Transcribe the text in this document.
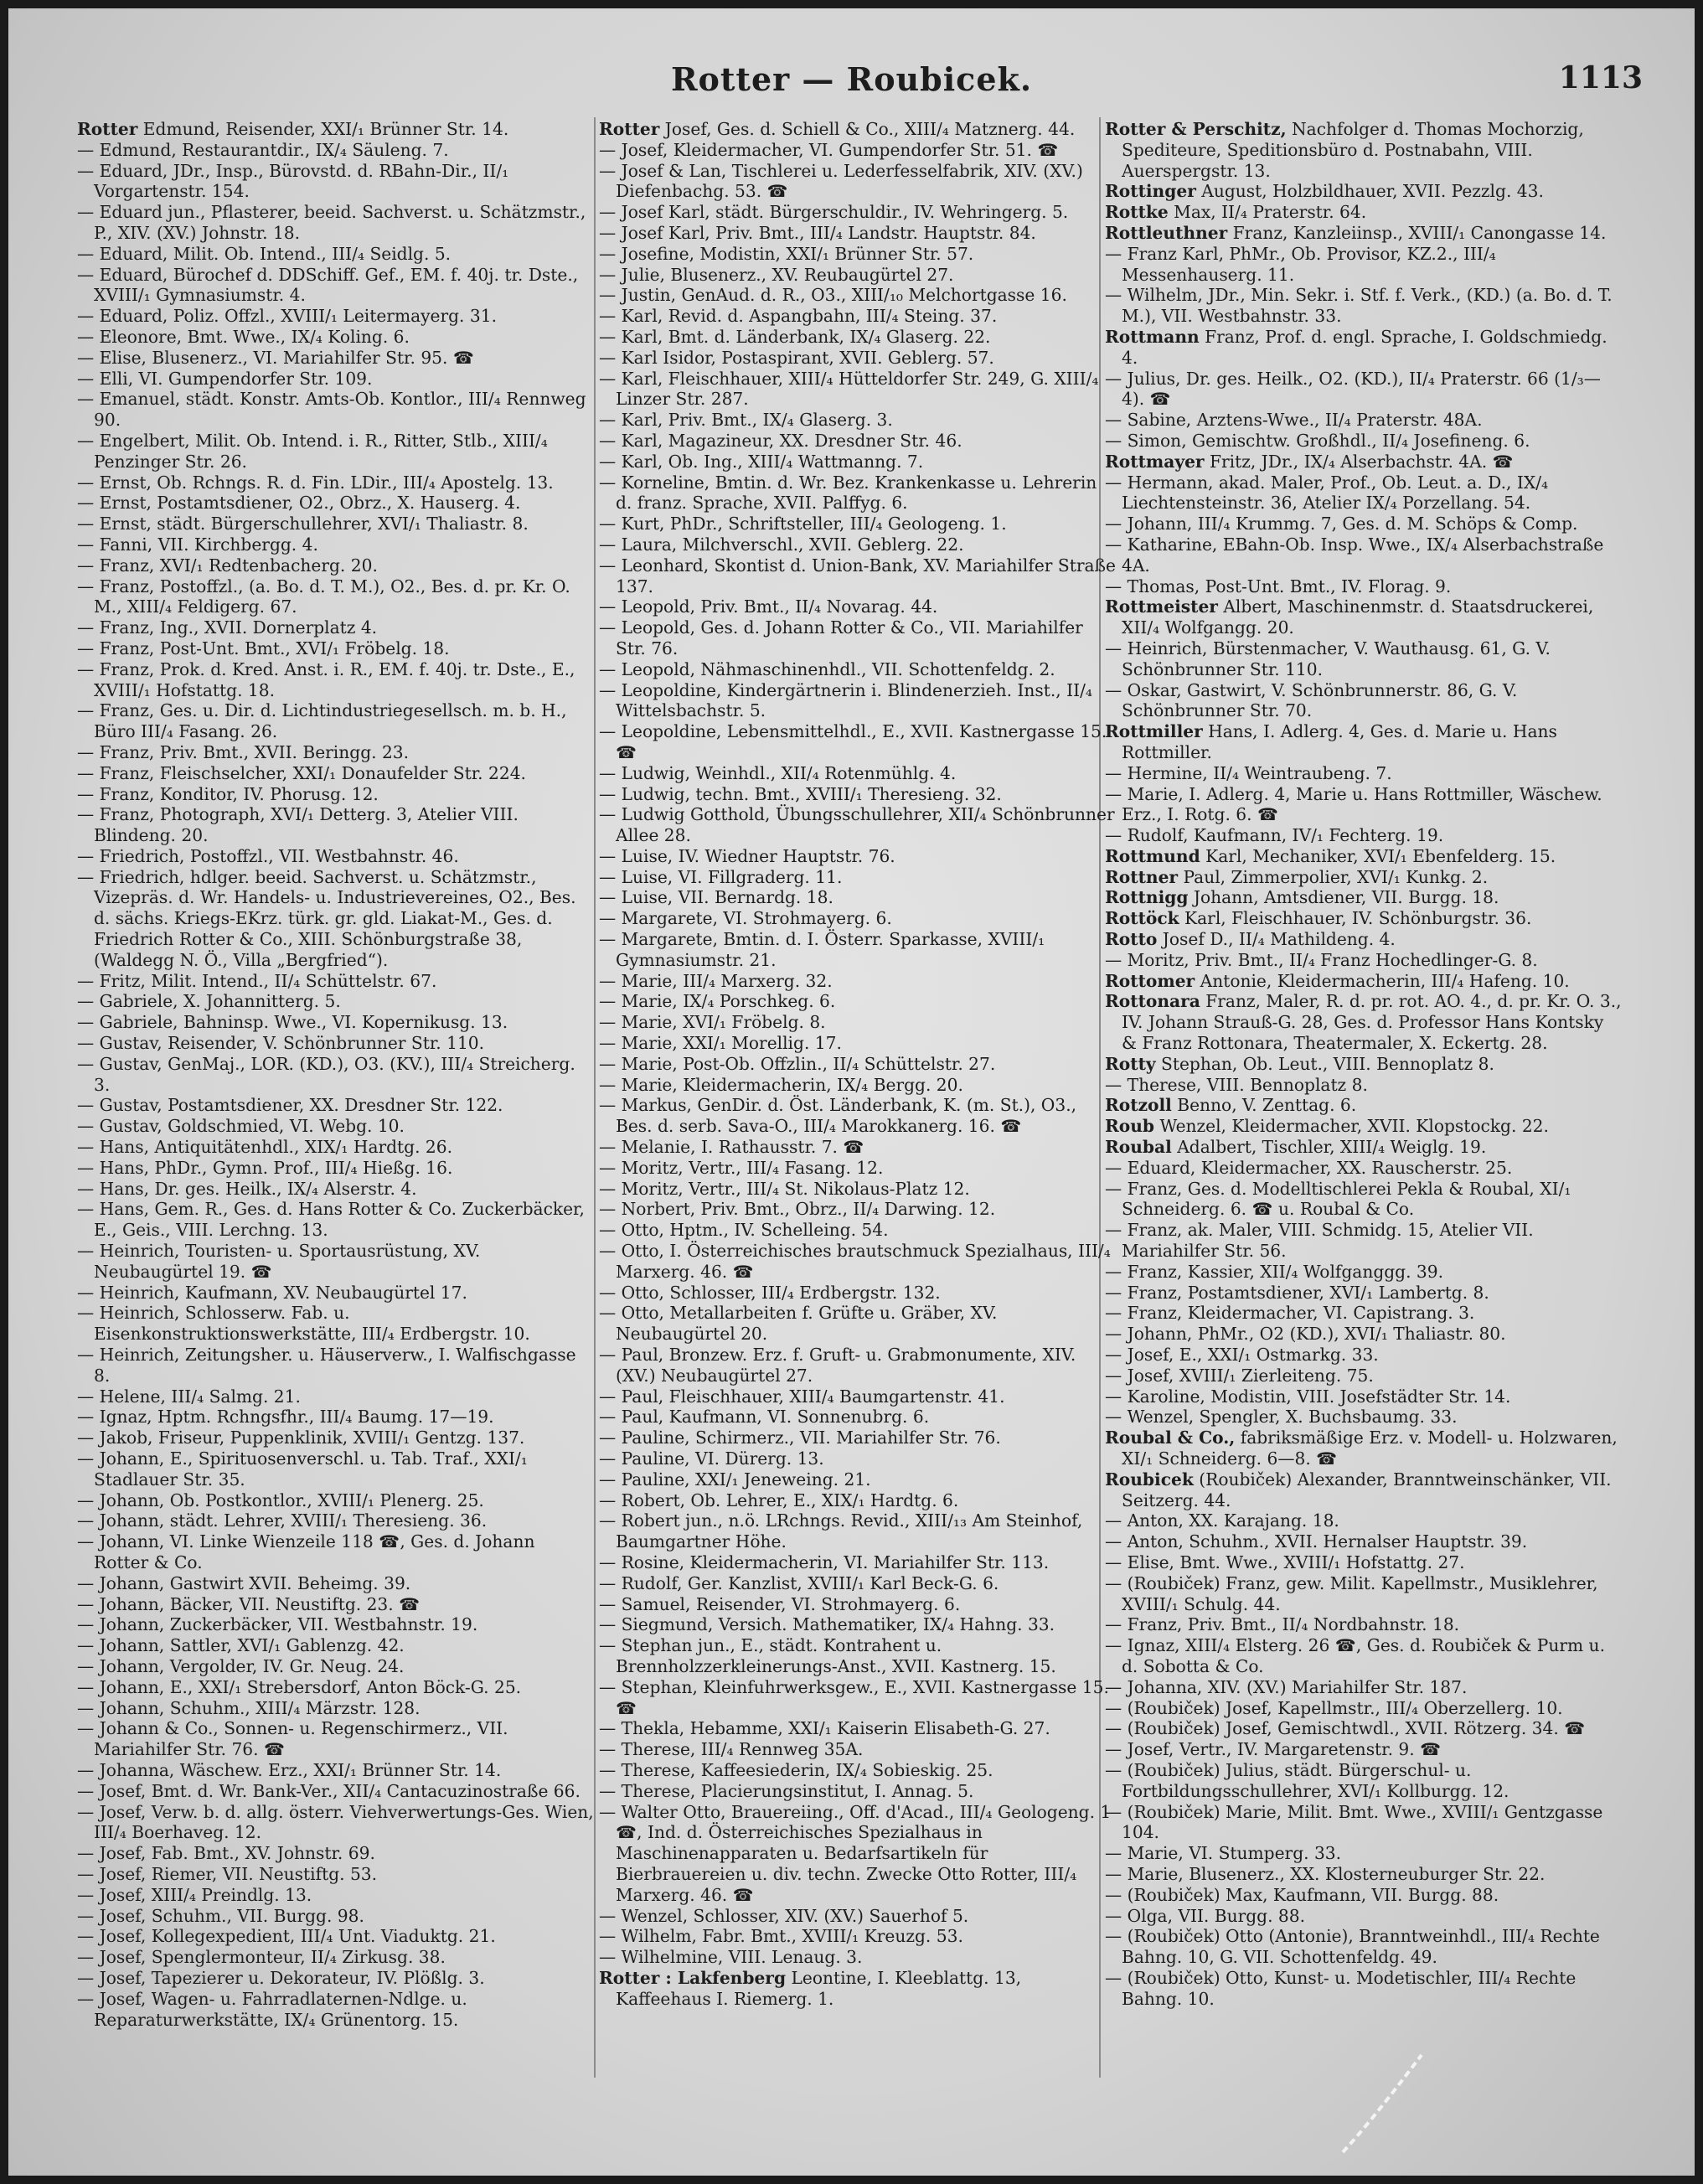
Rotter — Roubicek.	1113

Rotter Edmund, Reisender, XXI/₁ Brünner Str. 14.

— Edmund, Restaurantdir., IX/₄ Säuleng. 7.

— Eduard, JDr., Insp., Bürovstd. d. RBahn-Dir., II/₁ Vorgartenstr. 154.

— Eduard jun., Pflasterer, beeid. Sachverst. u. Schätzmstr., P., XIV. (XV.) Johnstr. 18.

— Eduard, Milit. Ob. Intend., III/₄ Seidlg. 5.

— Eduard, Bürochef d. DDSchiff. Gef., EM. f. 40j. tr. Dste., XVIII/₁ Gymnasiumstr. 4.

— Eduard, Poliz. Offzl., XVIII/₁ Leitermayerg. 31.

— Eleonore, Bmt. Wwe., IX/₄ Koling. 6.

— Elise, Blusenerz., VI. Mariahilfer Str. 95. ☎

— Elli, VI. Gumpendorfer Str. 109.

— Emanuel, städt. Konstr. Amts-Ob. Kontlor., III/₄ Rennweg 90.

— Engelbert, Milit. Ob. Intend. i. R., Ritter, Stlb., XIII/₄ Penzinger Str. 26.

— Ernst, Ob. Rchngs. R. d. Fin. LDir., III/₄ Apostelg. 13.

— Ernst, Postamtsdiener, O2., Obrz., X. Hauserg. 4.

— Ernst, städt. Bürgerschullehrer, XVI/₁ Thaliastr. 8.

— Fanni, VII. Kirchbergg. 4.

— Franz, XVI/₁ Redtenbacherg. 20.

— Franz, Postoffzl., (a. Bo. d. T. M.), O2., Bes. d. pr. Kr. O. M., XIII/₄ Feldigerg. 67.

— Franz, Ing., XVII. Dornerplatz 4.

— Franz, Post-Unt. Bmt., XVI/₁ Fröbelg. 18.

— Franz, Prok. d. Kred. Anst. i. R., EM. f. 40j. tr. Dste., E., XVIII/₁ Hofstattg. 18.

— Franz, Ges. u. Dir. d. Lichtindustriegesellsch. m. b. H., Büro III/₄ Fasang. 26.

— Franz, Priv. Bmt., XVII. Beringg. 23.

— Franz, Fleischselcher, XXI/₁ Donaufelder Str. 224.

— Franz, Konditor, IV. Phorusg. 12.

— Franz, Photograph, XVI/₁ Detterg. 3, Atelier VIII. Blindeng. 20.

— Friedrich, Postoffzl., VII. Westbahnstr. 46.

— Friedrich, hdlger. beeid. Sachverst. u. Schätzmstr., Vizepräs. d. Wr. Handels- u. Industrievereines, O2., Bes. d. sächs. Kriegs-EKrz. türk. gr. gld. Liakat-M., Ges. d. Friedrich Rotter & Co., XIII. Schönburgstraße 38, (Waldegg N. Ö., Villa „Bergfried“).

— Fritz, Milit. Intend., II/₄ Schüttelstr. 67.

— Gabriele, X. Johannitterg. 5.

— Gabriele, Bahninsp. Wwe., VI. Kopernikusg. 13.

— Gustav, Reisender, V. Schönbrunner Str. 110.

— Gustav, GenMaj., LOR. (KD.), O3. (KV.), III/₄ Streicherg. 3.

— Gustav, Postamtsdiener, XX. Dresdner Str. 122.

— Gustav, Goldschmied, VI. Webg. 10.

— Hans, Antiquitätenhdl., XIX/₁ Hardtg. 26.

— Hans, PhDr., Gymn. Prof., III/₄ Hießg. 16.

— Hans, Dr. ges. Heilk., IX/₄ Alserstr. 4.

— Hans, Gem. R., Ges. d. Hans Rotter & Co. Zuckerbäcker, E., Geis., VIII. Lerchng. 13.

— Heinrich, Touristen- u. Sportausrüstung, XV. Neubaugürtel 19. ☎

— Heinrich, Kaufmann, XV. Neubaugürtel 17.

— Heinrich, Schlosserw. Fab. u. Eisenkonstruktionswerkstätte, III/₄ Erdbergstr. 10.

— Heinrich, Zeitungsher. u. Häuserverw., I. Walfischgasse 8.

— Helene, III/₄ Salmg. 21.

— Ignaz, Hptm. Rchngsfhr., III/₄ Baumg. 17—19.

— Jakob, Friseur, Puppenklinik, XVIII/₁ Gentzg. 137.

— Johann, E., Spirituosenverschl. u. Tab. Traf., XXI/₁ Stadlauer Str. 35.

— Johann, Ob. Postkontlor., XVIII/₁ Plenerg. 25.

— Johann, städt. Lehrer, XVIII/₁ Theresieng. 36.

— Johann, VI. Linke Wienzeile 118 ☎, Ges. d. Johann Rotter & Co.

— Johann, Gastwirt XVII. Beheimg. 39.

— Johann, Bäcker, VII. Neustiftg. 23. ☎

— Johann, Zuckerbäcker, VII. Westbahnstr. 19.

— Johann, Sattler, XVI/₁ Gablenzg. 42.

— Johann, Vergolder, IV. Gr. Neug. 24.

— Johann, E., XXI/₁ Strebersdorf, Anton Böck-G. 25.

— Johann, Schuhm., XIII/₄ Märzstr. 128.

— Johann & Co., Sonnen- u. Regenschirmerz., VII. Mariahilfer Str. 76. ☎

— Johanna, Wäschew. Erz., XXI/₁ Brünner Str. 14.

— Josef, Bmt. d. Wr. Bank-Ver., XII/₄ Cantacuzinostraße 66.

— Josef, Verw. b. d. allg. österr. Viehverwertungs-Ges. Wien, III/₄ Boerhaveg. 12.

— Josef, Fab. Bmt., XV. Johnstr. 69.

— Josef, Riemer, VII. Neustiftg. 53.

— Josef, XIII/₄ Preindlg. 13.

— Josef, Schuhm., VII. Burgg. 98.

— Josef, Kollegexpedient, III/₄ Unt. Viaduktg. 21.

— Josef, Spenglermonteur, II/₄ Zirkusg. 38.

— Josef, Tapezierer u. Dekorateur, IV. Plößlg. 3.

— Josef, Wagen- u. Fahrradlaternen-Ndlge. u. Reparaturwerkstätte, IX/₄ Grünentorg. 15.

Rotter Josef, Ges. d. Schiell & Co., XIII/₄ Matznerg. 44.

— Josef, Kleidermacher, VI. Gumpendorfer Str. 51. ☎

— Josef & Lan, Tischlerei u. Lederfesselfabrik, XIV. (XV.) Diefenbachg. 53. ☎

— Josef Karl, städt. Bürgerschuldir., IV. Wehringerg. 5.

— Josef Karl, Priv. Bmt., III/₄ Landstr. Hauptstr. 84.

— Josefine, Modistin, XXI/₁ Brünner Str. 57.

— Julie, Blusenerz., XV. Reubaugürtel 27.

— Justin, GenAud. d. R., O3., XIII/₁₀ Melchortgasse 16.

— Karl, Revid. d. Aspangbahn, III/₄ Steing. 37.

— Karl, Bmt. d. Länderbank, IX/₄ Glaserg. 22.

— Karl Isidor, Postaspirant, XVII. Geblerg. 57.

— Karl, Fleischhauer, XIII/₄ Hütteldorfer Str. 249, G. XIII/₄ Linzer Str. 287.

— Karl, Priv. Bmt., IX/₄ Glaserg. 3.

— Karl, Magazineur, XX. Dresdner Str. 46.

— Karl, Ob. Ing., XIII/₄ Wattmanng. 7.

— Korneline, Bmtin. d. Wr. Bez. Krankenkasse u. Lehrerin d. franz. Sprache, XVII. Palffyg. 6.

— Kurt, PhDr., Schriftsteller, III/₄ Geologeng. 1.

— Laura, Milchverschl., XVII. Geblerg. 22.

— Leonhard, Skontist d. Union-Bank, XV. Mariahilfer Straße 137.

— Leopold, Priv. Bmt., II/₄ Novarag. 44.

— Leopold, Ges. d. Johann Rotter & Co., VII. Mariahilfer Str. 76.

— Leopold, Nähmaschinenhdl., VII. Schottenfeldg. 2.

— Leopoldine, Kindergärtnerin i. Blindenerzieh. Inst., II/₄ Wittelsbachstr. 5.

— Leopoldine, Lebensmittelhdl., E., XVII. Kastnergasse 15. ☎

— Ludwig, Weinhdl., XII/₄ Rotenmühlg. 4.

— Ludwig, techn. Bmt., XVIII/₁ Theresieng. 32.

— Ludwig Gotthold, Übungsschullehrer, XII/₄ Schönbrunner Allee 28.

— Luise, IV. Wiedner Hauptstr. 76.

— Luise, VI. Fillgraderg. 11.

— Luise, VII. Bernardg. 18.

— Margarete, VI. Strohmayerg. 6.

— Margarete, Bmtin. d. I. Österr. Sparkasse, XVIII/₁ Gymnasiumstr. 21.

— Marie, III/₄ Marxerg. 32.

— Marie, IX/₄ Porschkeg. 6.

— Marie, XVI/₁ Fröbelg. 8.

— Marie, XXI/₁ Morellig. 17.

— Marie, Post-Ob. Offzlin., II/₄ Schüttelstr. 27.

— Marie, Kleidermacherin, IX/₄ Bergg. 20.

— Markus, GenDir. d. Öst. Länderbank, K. (m. St.), O3., Bes. d. serb. Sava-O., III/₄ Marokkanerg. 16. ☎

— Melanie, I. Rathausstr. 7. ☎

— Moritz, Vertr., III/₄ Fasang. 12.

— Moritz, Vertr., III/₄ St. Nikolaus-Platz 12.

— Norbert, Priv. Bmt., Obrz., II/₄ Darwing. 12.

— Otto, Hptm., IV. Schelleing. 54.

— Otto, I. Österreichisches brautschmuck Spezialhaus, III/₄ Marxerg. 46. ☎

— Otto, Schlosser, III/₄ Erdbergstr. 132.

— Otto, Metallarbeiten f. Grüfte u. Gräber, XV. Neubaugürtel 20.

— Paul, Bronzew. Erz. f. Gruft- u. Grabmonumente, XIV. (XV.) Neubaugürtel 27.

— Paul, Fleischhauer, XIII/₄ Baumgartenstr. 41.

— Paul, Kaufmann, VI. Sonnenubrg. 6.

— Pauline, Schirmerz., VII. Mariahilfer Str. 76.

— Pauline, VI. Dürerg. 13.

— Pauline, XXI/₁ Jeneweing. 21.

— Robert, Ob. Lehrer, E., XIX/₁ Hardtg. 6.

— Robert jun., n.ö. LRchngs. Revid., XIII/₁₃ Am Steinhof, Baumgartner Höhe.

— Rosine, Kleidermacherin, VI. Mariahilfer Str. 113.

— Rudolf, Ger. Kanzlist, XVIII/₁ Karl Beck-G. 6.

— Samuel, Reisender, VI. Strohmayerg. 6.

— Siegmund, Versich. Mathematiker, IX/₄ Hahng. 33.

— Stephan jun., E., städt. Kontrahent u. Brennholzzerkleinerungs-Anst., XVII. Kastnerg. 15.

— Stephan, Kleinfuhrwerksgew., E., XVII. Kastnergasse 15. ☎

— Thekla, Hebamme, XXI/₁ Kaiserin Elisabeth-G. 27.

— Therese, III/₄ Rennweg 35A.

— Therese, Kaffeesiederin, IX/₄ Sobieskig. 25.

— Therese, Placierungsinstitut, I. Annag. 5.

— Walter Otto, Brauereiing., Off. d'Acad., III/₄ Geologeng. 1 ☎, Ind. d. Österreichisches Spezialhaus in Maschinenapparaten u. Bedarfsartikeln für Bierbrauereien u. div. techn. Zwecke Otto Rotter, III/₄ Marxerg. 46. ☎

— Wenzel, Schlosser, XIV. (XV.) Sauerhof 5.

— Wilhelm, Fabr. Bmt., XVIII/₁ Kreuzg. 53.

— Wilhelmine, VIII. Lenaug. 3.

Rotter : Lakfenberg Leontine, I. Kleeblattg. 13, Kaffeehaus I. Riemerg. 1.

Rotter & Perschitz, Nachfolger d. Thomas Mochorzig, Spediteure, Speditionsbüro d. Postnabahn, VIII. Auerspergstr. 13.

Rottinger August, Holzbildhauer, XVII. Pezzlg. 43.

Rottke Max, II/₄ Praterstr. 64.

Rottleuthner Franz, Kanzleiinsp., XVIII/₁ Canongasse 14.

— Franz Karl, PhMr., Ob. Provisor, KZ.2., III/₄ Messenhauserg. 11.

— Wilhelm, JDr., Min. Sekr. i. Stf. f. Verk., (KD.) (a. Bo. d. T. M.), VII. Westbahnstr. 33.

Rottmann Franz, Prof. d. engl. Sprache, I. Goldschmiedg. 4.

— Julius, Dr. ges. Heilk., O2. (KD.), II/₄ Praterstr. 66 (1/₃—4). ☎

— Sabine, Arztens-Wwe., II/₄ Praterstr. 48A.

— Simon, Gemischtw. Großhdl., II/₄ Josefineng. 6.

Rottmayer Fritz, JDr., IX/₄ Alserbachstr. 4A. ☎

— Hermann, akad. Maler, Prof., Ob. Leut. a. D., IX/₄ Liechtensteinstr. 36, Atelier IX/₄ Porzellang. 54.

— Johann, III/₄ Krummg. 7, Ges. d. M. Schöps & Comp.

— Katharine, EBahn-Ob. Insp. Wwe., IX/₄ Alserbachstraße 4A.

— Thomas, Post-Unt. Bmt., IV. Florag. 9.

Rottmeister Albert, Maschinenmstr. d. Staatsdruckerei, XII/₄ Wolfgangg. 20.

— Heinrich, Bürstenmacher, V. Wauthausg. 61, G. V. Schönbrunner Str. 110.

— Oskar, Gastwirt, V. Schönbrunnerstr. 86, G. V. Schönbrunner Str. 70.

Rottmiller Hans, I. Adlerg. 4, Ges. d. Marie u. Hans Rottmiller.

— Hermine, II/₄ Weintraubeng. 7.

— Marie, I. Adlerg. 4, Marie u. Hans Rottmiller, Wäschew. Erz., I. Rotg. 6. ☎

— Rudolf, Kaufmann, IV/₁ Fechterg. 19.

Rottmund Karl, Mechaniker, XVI/₁ Ebenfelderg. 15.

Rottner Paul, Zimmerpolier, XVI/₁ Kunkg. 2.

Rottnigg Johann, Amtsdiener, VII. Burgg. 18.

Rottöck Karl, Fleischhauer, IV. Schönburgstr. 36.

Rotto Josef D., II/₄ Mathildeng. 4.

— Moritz, Priv. Bmt., II/₄ Franz Hochedlinger-G. 8.

Rottomer Antonie, Kleidermacherin, III/₄ Hafeng. 10.

Rottonara Franz, Maler, R. d. pr. rot. AO. 4., d. pr. Kr. O. 3., IV. Johann Strauß-G. 28, Ges. d. Professor Hans Kontsky & Franz Rottonara, Theatermaler, X. Eckertg. 28.

Rotty Stephan, Ob. Leut., VIII. Bennoplatz 8.

— Therese, VIII. Bennoplatz 8.

Rotzoll Benno, V. Zenttag. 6.

Roub Wenzel, Kleidermacher, XVII. Klopstockg. 22.

Roubal Adalbert, Tischler, XIII/₄ Weiglg. 19.

— Eduard, Kleidermacher, XX. Rauscherstr. 25.

— Franz, Ges. d. Modelltischlerei Pekla & Roubal, XI/₁ Schneiderg. 6. ☎ u. Roubal & Co.

— Franz, ak. Maler, VIII. Schmidg. 15, Atelier VII. Mariahilfer Str. 56.

— Franz, Kassier, XII/₄ Wolfganggg. 39.

— Franz, Postamtsdiener, XVI/₁ Lambertg. 8.

— Franz, Kleidermacher, VI. Capistrang. 3.

— Johann, PhMr., O2 (KD.), XVI/₁ Thaliastr. 80.

— Josef, E., XXI/₁ Ostmarkg. 33.

— Josef, XVIII/₁ Zierleiteng. 75.

— Karoline, Modistin, VIII. Josefstädter Str. 14.

— Wenzel, Spengler, X. Buchsbaumg. 33.

Roubal & Co., fabriksmäßige Erz. v. Modell- u. Holzwaren, XI/₁ Schneiderg. 6—8. ☎

Roubicek (Roubiček) Alexander, Branntweinschänker, VII. Seitzerg. 44.

— Anton, XX. Karajang. 18.

— Anton, Schuhm., XVII. Hernalser Hauptstr. 39.

— Elise, Bmt. Wwe., XVIII/₁ Hofstattg. 27.

— (Roubiček) Franz, gew. Milit. Kapellmstr., Musiklehrer, XVIII/₁ Schulg. 44.

— Franz, Priv. Bmt., II/₄ Nordbahnstr. 18.

— Ignaz, XIII/₄ Elsterg. 26 ☎, Ges. d. Roubiček & Purm u. d. Sobotta & Co.

— Johanna, XIV. (XV.) Mariahilfer Str. 187.

— (Roubiček) Josef, Kapellmstr., III/₄ Oberzellerg. 10.

— (Roubiček) Josef, Gemischtwdl., XVII. Rötzerg. 34. ☎

— Josef, Vertr., IV. Margaretenstr. 9. ☎

— (Roubiček) Julius, städt. Bürgerschul- u. Fortbildungsschullehrer, XVI/₁ Kollburgg. 12.

— (Roubiček) Marie, Milit. Bmt. Wwe., XVIII/₁ Gentzgasse 104.

— Marie, VI. Stumperg. 33.

— Marie, Blusenerz., XX. Klosterneuburger Str. 22.

— (Roubiček) Max, Kaufmann, VII. Burgg. 88.

— Olga, VII. Burgg. 88.

— (Roubiček) Otto (Antonie), Branntweinhdl., III/₄ Rechte Bahng. 10, G. VII. Schottenfeldg. 49.

— (Roubiček) Otto, Kunst- u. Modetischler, III/₄ Rechte Bahng. 10.
